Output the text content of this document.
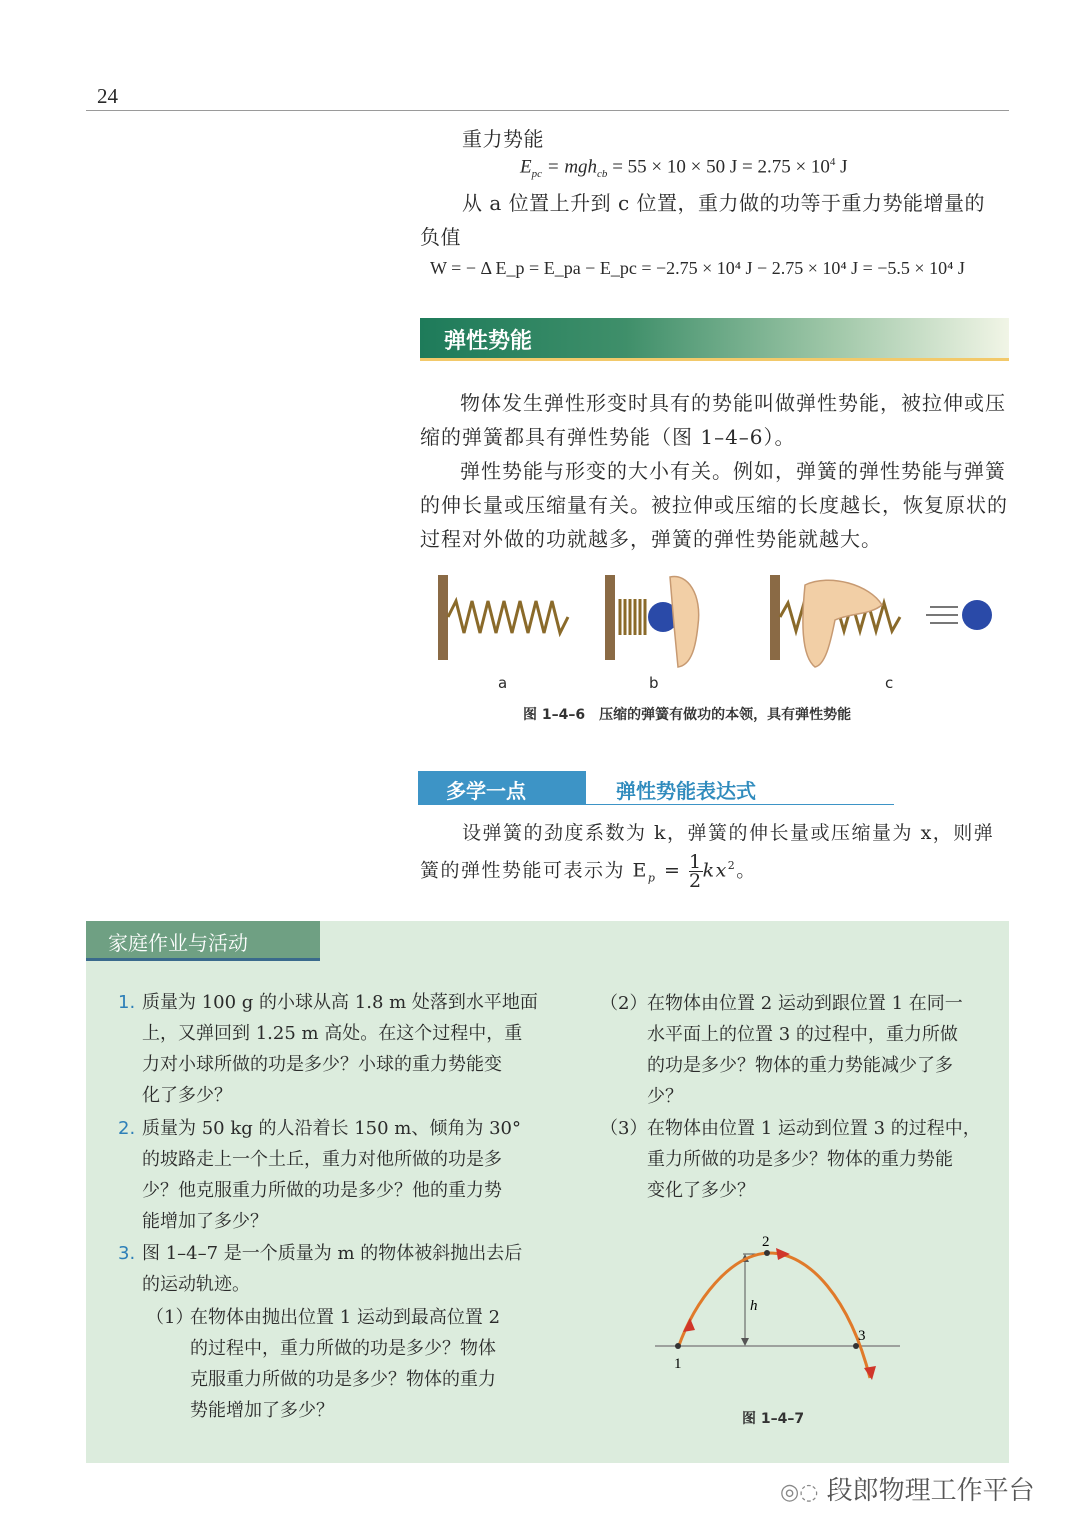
24
重力势能
$E_{pc} = mgh_{cb} = 55 \times 10 \times 50$ $J = 2.75 \times 10^4$ J
从 a 位置上升到 c 位置，重力做的功等于重力势能增量的
负值
W = − Δ E_p = E_pa − E_pc = −2.75 × 10⁴ J − 2.75 × 10⁴ J = −5.5 × 10⁴ J
弹性势能
物体发生弹性形变时具有的势能叫做弹性势能，被拉伸或压缩的弹簧都具有弹性势能（图 1–4–6）。
弹性势能与形变的大小有关。例如，弹簧的弹性势能与弹簧的伸长量或压缩量有关。被拉伸或压缩的长度越长，恢复原状的过程对外做的功就越多，弹簧的弹性势能就越大。
a	b	c
图 1–4–6　压缩的弹簧有做功的本领，具有弹性势能
多学一点	弹性势能表达式
设弹簧的劲度系数为 k，弹簧的伸长量或压缩量为 x，则弹
簧的弹性势能可表示为 $E_p = \frac{1}{2} kx^2$。
家庭作业与活动
1. 质量为 100 g 的小球从高 1.8 m 处落到水平地面
上，又弹回到 1.25 m 高处。在这个过程中，重
力对小球所做的功是多少？小球的重力势能变
化了多少？
2. 质量为 50 kg 的人沿着长 150 m、倾角为 30°
的坡路走上一个土丘，重力对他所做的功是多
少？他克服重力所做的功是多少？他的重力势
能增加了多少？
3. 图 1–4–7 是一个质量为 m 的物体被斜抛出去后
的运动轨迹。
（1）
在物体由抛出位置 1 运动到最高位置 2
的过程中，重力所做的功是多少？物体
克服重力所做的功是多少？物体的重力
势能增加了多少？
（2） 在物体由位置 2 运动到跟位置 1 在同一
水平面上的位置 3 的过程中，重力所做
的功是多少？物体的重力势能减少了多
少？
（3） 在物体由位置 1 运动到位置 3 的过程中，
重力所做的功是多少？物体的重力势能
变化了多少？
1
2
3
h
图 1–4–7
◎◌ 段郎物理工作平台
